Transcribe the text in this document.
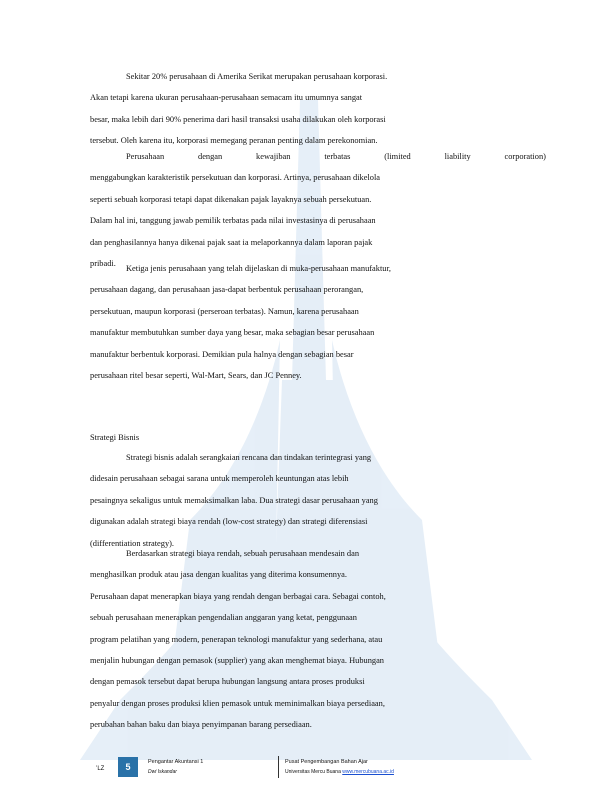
Sekitar 20% perusahaan di Amerika Serikat merupakan perusahaan korporasi.

Akan tetapi karena ukuran perusahaan-perusahaan semacam itu umumnya sangat

besar, maka lebih dari 90% penerima dari hasil transaksi usaha dilakukan oleh korporasi

tersebut. Oleh karena itu, korporasi memegang peranan penting dalam perekonomian.

Perusahaan	dengan	kewajiban	terbatas	(limited	liability	corporation)

menggabungkan karakteristik persekutuan dan korporasi. Artinya, perusahaan dikelola

seperti sebuah korporasi tetapi dapat dikenakan pajak layaknya sebuah persekutuan.

Dalam hal ini, tanggung jawab pemilik terbatas pada nilai investasinya di perusahaan

dan penghasilannya hanya dikenai pajak saat ia melaporkannya dalam laporan pajak

pribadi.

Ketiga jenis perusahaan yang telah dijelaskan di muka-perusahaan manufaktur,

perusahaan dagang, dan perusahaan jasa-dapat berbentuk perusahaan perorangan,

persekutuan, maupun korporasi (perseroan terbatas). Namun, karena perusahaan

manufaktur membutuhkan sumber daya yang besar, maka sebagian besar perusahaan

manufaktur berbentuk korporasi. Demikian pula halnya dengan sebagian besar

perusahaan ritel besar seperti, Wal-Mart, Sears, dan JC Penney.

Strategi Bisnis

Strategi bisnis adalah serangkaian rencana dan tindakan terintegrasi yang

didesain perusahaan sebagai sarana untuk memperoleh keuntungan atas lebih

pesaingnya sekaligus untuk memaksimalkan laba. Dua strategi dasar perusahaan yang

digunakan adalah strategi biaya rendah (low-cost strategy) dan strategi diferensiasi

(differentiation strategy).

Berdasarkan strategi biaya rendah, sebuah perusahaan mendesain dan

menghasilkan produk atau jasa dengan kualitas yang diterima konsumennya.

Perusahaan dapat menerapkan biaya yang rendah dengan berbagai cara. Sebagai contoh,

sebuah perusahaan menerapkan pengendalian anggaran yang ketat, penggunaan

program pelatihan yang modern, penerapan teknologi manufaktur yang sederhana, atau

menjalin hubungan dengan pemasok (supplier) yang akan menghemat biaya. Hubungan

dengan pemasok tersebut dapat berupa hubungan langsung antara proses produksi

penyalur dengan proses produksi klien pemasok untuk meminimalkan biaya persediaan,

perubahan bahan baku dan biaya penyimpanan barang persediaan.

’LZ	5	Pengantar Akuntansi 1
Dwi Iskandar
Pusat Pengembangan Bahan Ajar
Universitas Mercu Buana www.mercubuana.ac.id
